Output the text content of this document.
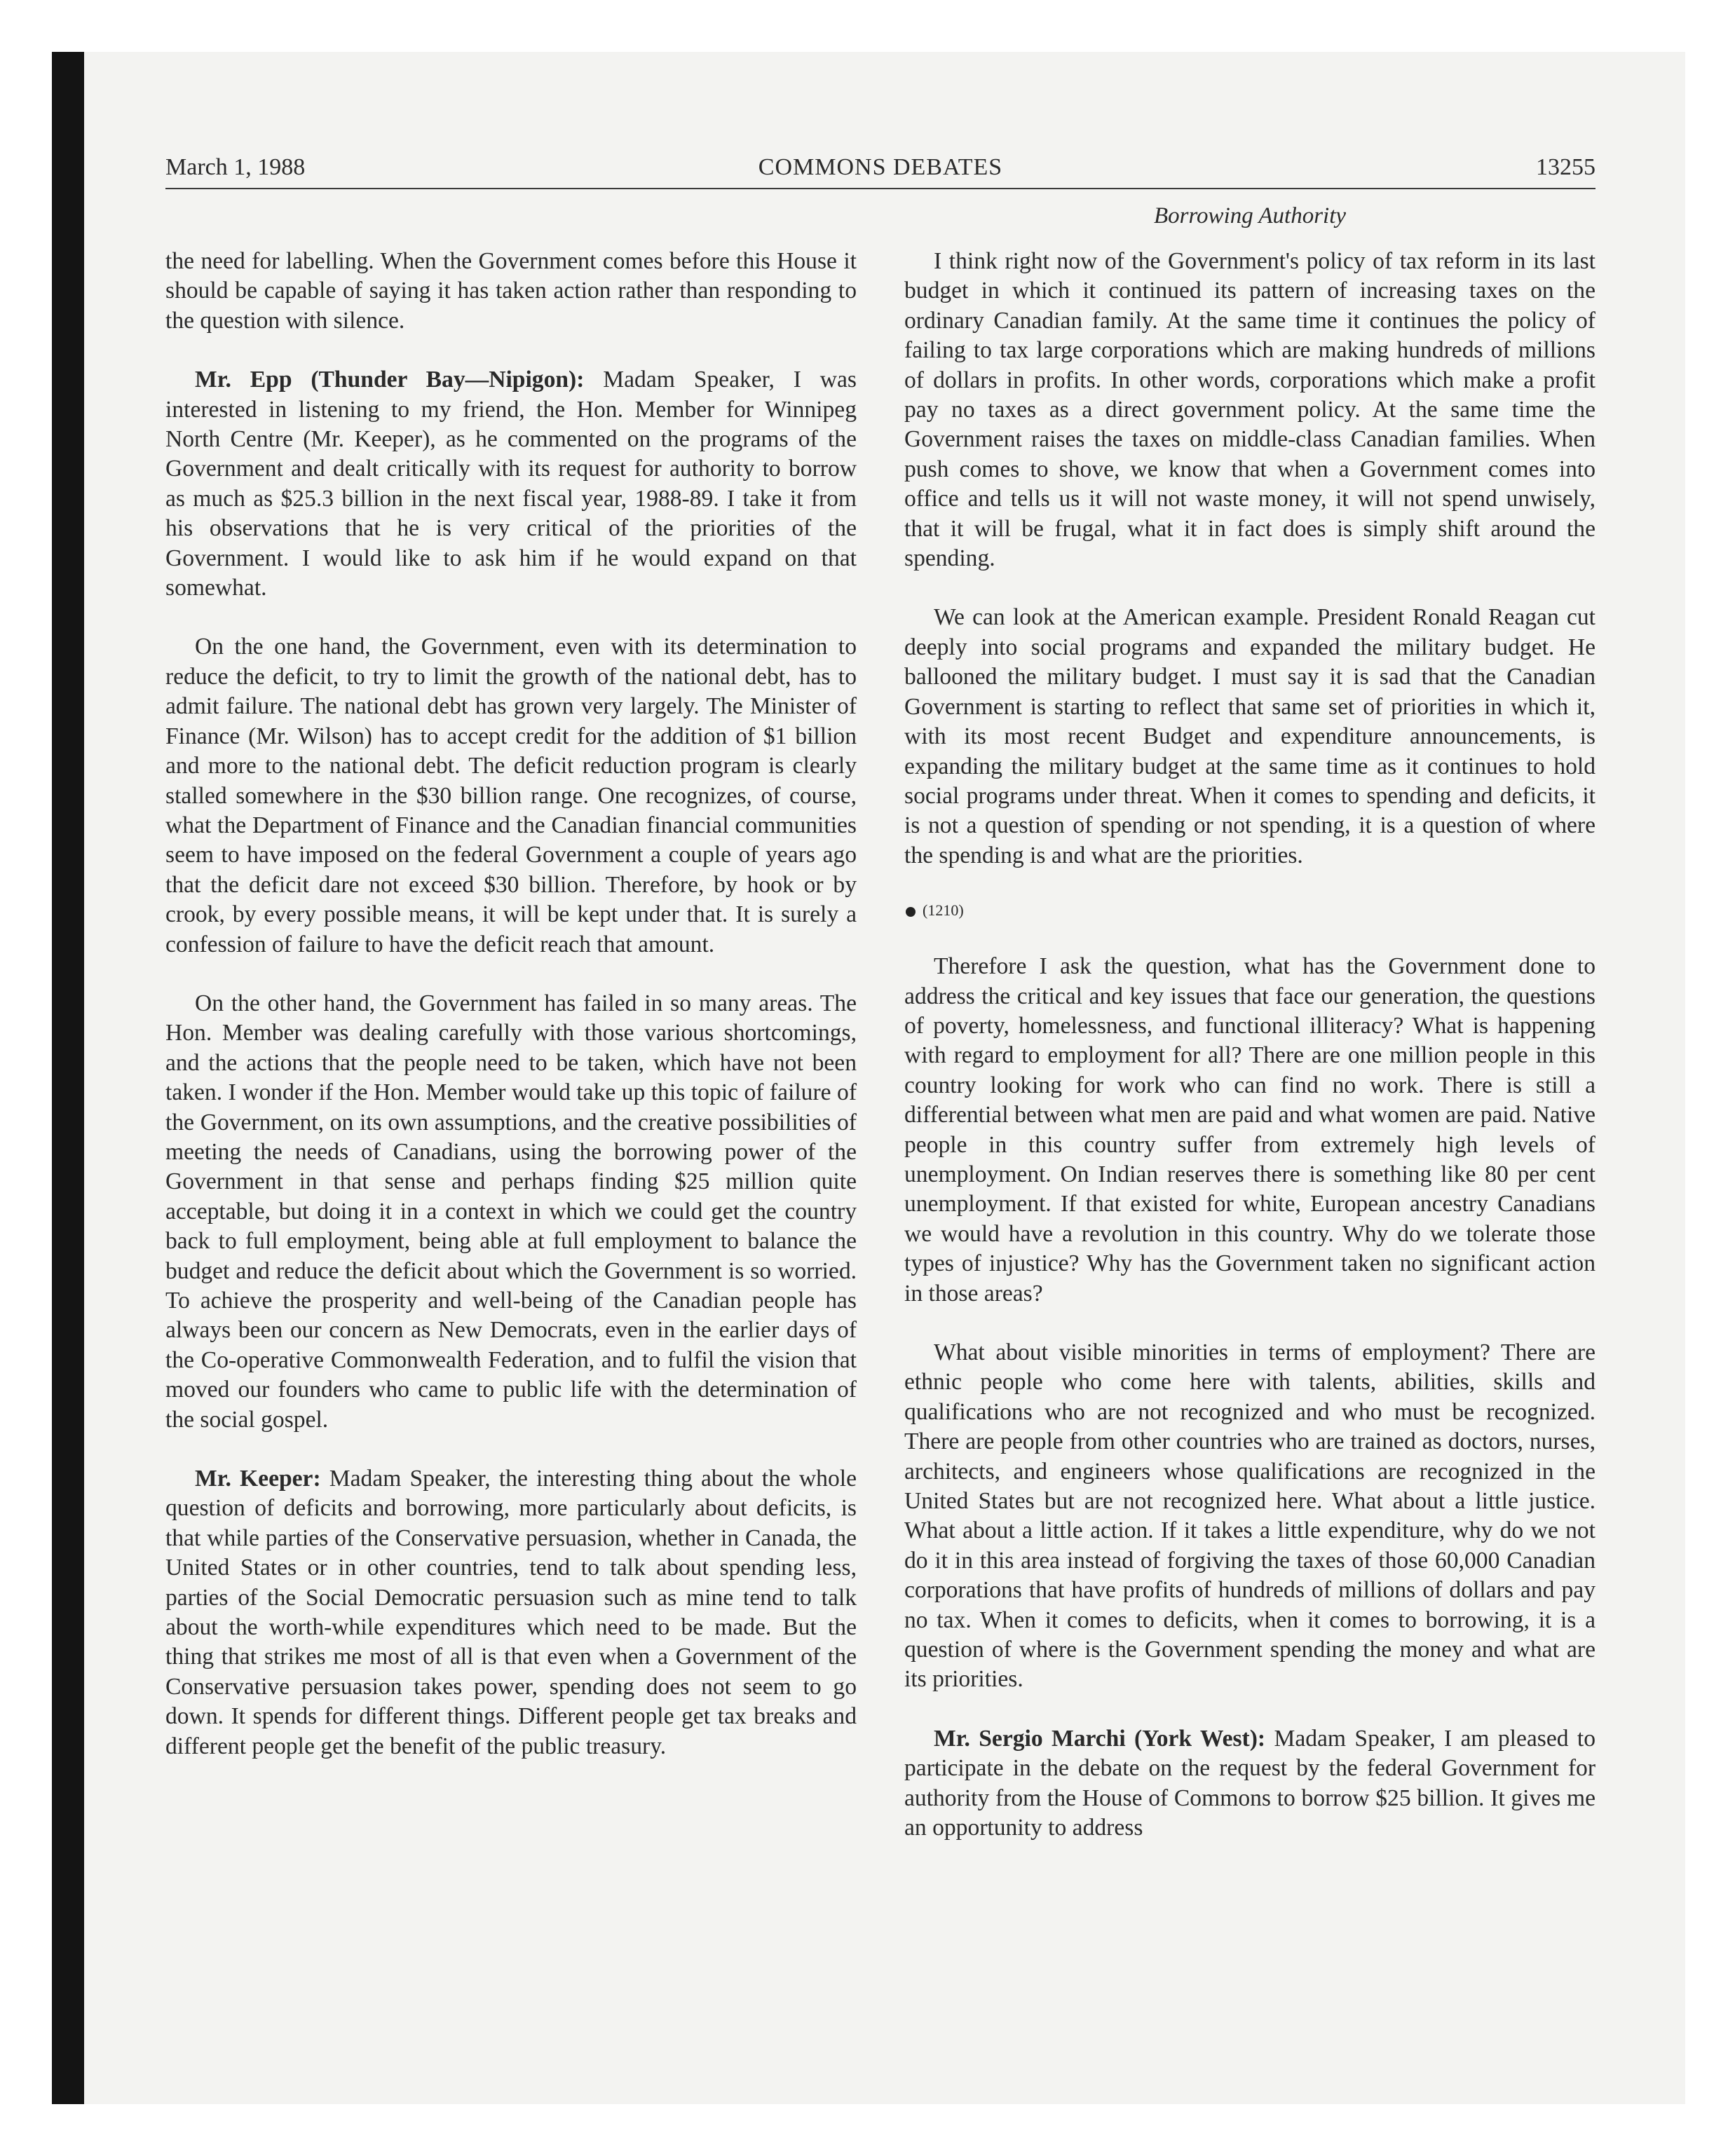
March 1, 1988	COMMONS DEBATES	13255
Borrowing Authority

the need for labelling. When the Government comes before this House it should be capable of saying it has taken action rather than responding to the question with silence.

Mr. Epp (Thunder Bay—Nipigon): Madam Speaker, I was interested in listening to my friend, the Hon. Member for Winnipeg North Centre (Mr. Keeper), as he commented on the programs of the Government and dealt critically with its request for authority to borrow as much as $25.3 billion in the next fiscal year, 1988-89. I take it from his observations that he is very critical of the priorities of the Government. I would like to ask him if he would expand on that somewhat.

On the one hand, the Government, even with its determination to reduce the deficit, to try to limit the growth of the national debt, has to admit failure. The national debt has grown very largely. The Minister of Finance (Mr. Wilson) has to accept credit for the addition of $1 billion and more to the national debt. The deficit reduction program is clearly stalled somewhere in the $30 billion range. One recognizes, of course, what the Department of Finance and the Canadian financial communities seem to have imposed on the federal Government a couple of years ago that the deficit dare not exceed $30 billion. Therefore, by hook or by crook, by every possible means, it will be kept under that. It is surely a confession of failure to have the deficit reach that amount.

On the other hand, the Government has failed in so many areas. The Hon. Member was dealing carefully with those various shortcomings, and the actions that the people need to be taken, which have not been taken. I wonder if the Hon. Member would take up this topic of failure of the Government, on its own assumptions, and the creative possibilities of meeting the needs of Canadians, using the borrowing power of the Government in that sense and perhaps finding $25 million quite acceptable, but doing it in a context in which we could get the country back to full employment, being able at full employment to balance the budget and reduce the deficit about which the Government is so worried. To achieve the prosperity and well-being of the Canadian people has always been our concern as New Democrats, even in the earlier days of the Co-operative Commonwealth Federation, and to fulfil the vision that moved our founders who came to public life with the determination of the social gospel.

Mr. Keeper: Madam Speaker, the interesting thing about the whole question of deficits and borrowing, more particularly about deficits, is that while parties of the Conservative persuasion, whether in Canada, the United States or in other countries, tend to talk about spending less, parties of the Social Democratic persuasion such as mine tend to talk about the worth-while expenditures which need to be made. But the thing that strikes me most of all is that even when a Government of the Conservative persuasion takes power, spending does not seem to go down. It spends for different things. Different people get tax breaks and different people get the benefit of the public treasury.

I think right now of the Government's policy of tax reform in its last budget in which it continued its pattern of increasing taxes on the ordinary Canadian family. At the same time it continues the policy of failing to tax large corporations which are making hundreds of millions of dollars in profits. In other words, corporations which make a profit pay no taxes as a direct government policy. At the same time the Government raises the taxes on middle-class Canadian families. When push comes to shove, we know that when a Government comes into office and tells us it will not waste money, it will not spend unwisely, that it will be frugal, what it in fact does is simply shift around the spending.

We can look at the American example. President Ronald Reagan cut deeply into social programs and expanded the military budget. He ballooned the military budget. I must say it is sad that the Canadian Government is starting to reflect that same set of priorities in which it, with its most recent Budget and expenditure announcements, is expanding the military budget at the same time as it continues to hold social programs under threat. When it comes to spending and deficits, it is not a question of spending or not spending, it is a question of where the spending is and what are the priorities.

(1210)

Therefore I ask the question, what has the Government done to address the critical and key issues that face our generation, the questions of poverty, homelessness, and functional illiteracy? What is happening with regard to employment for all? There are one million people in this country looking for work who can find no work. There is still a differential between what men are paid and what women are paid. Native people in this country suffer from extremely high levels of unemployment. On Indian reserves there is something like 80 per cent unemployment. If that existed for white, European ancestry Canadians we would have a revolution in this country. Why do we tolerate those types of injustice? Why has the Government taken no significant action in those areas?

What about visible minorities in terms of employment? There are ethnic people who come here with talents, abilities, skills and qualifications who are not recognized and who must be recognized. There are people from other countries who are trained as doctors, nurses, architects, and engineers whose qualifications are recognized in the United States but are not recognized here. What about a little justice. What about a little action. If it takes a little expenditure, why do we not do it in this area instead of forgiving the taxes of those 60,000 Canadian corporations that have profits of hundreds of millions of dollars and pay no tax. When it comes to deficits, when it comes to borrowing, it is a question of where is the Government spending the money and what are its priorities.

Mr. Sergio Marchi (York West): Madam Speaker, I am pleased to participate in the debate on the request by the federal Government for authority from the House of Commons to borrow $25 billion. It gives me an opportunity to address
